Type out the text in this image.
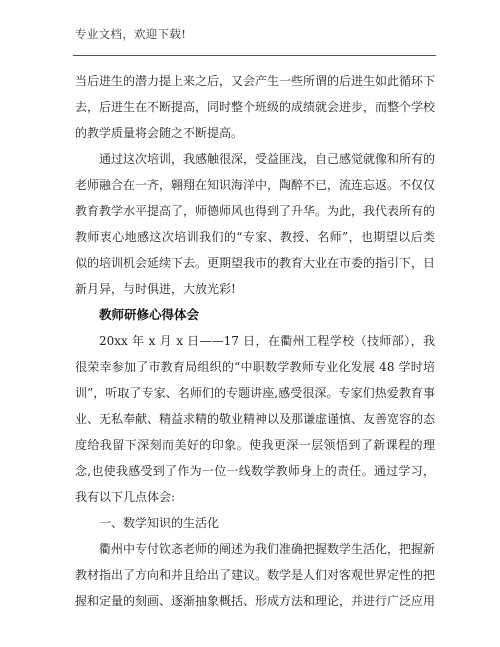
专业文档，欢迎下载!

当后进生的潜力提上来之后，又会产生一些所谓的后进生如此循环下去，后进生在不断提高，同时整个班级的成绩就会进步，而整个学校的教学质量将会随之不断提高。

通过这次培训，我感触很深，受益匪浅，自己感觉就像和所有的老师融合在一齐，翱翔在知识海洋中，陶醉不已，流连忘返。不仅仅教育教学水平提高了，师德师风也得到了升华。为此，我代表所有的教师衷心地感这次培训我们的“专家、教授、名师”，也期望以后类似的培训机会延续下去。更期望我市的教育大业在市委的指引下，日新月异，与时俱进，大放光彩!

教师研修心得体会

20xx 年 x 月 x 日——17 日，在衢州工程学校（技师部），我很荣幸参加了市教育局组织的“中职数学教师专业化发展 48 学时培训”，听取了专家、名师们的专题讲座,感受很深。专家们热爱教育事业、无私奉献、精益求精的敬业精神以及那谦虚谨慎、友善宽容的态度给我留下深刻而美好的印象。使我更深一层领悟到了新课程的理念,也使我感受到了作为一位一线数学教师身上的责任。通过学习，我有以下几点体会:

一、数学知识的生活化

衢州中专付钦忞老师的阐述为我们准确把握数学生活化，把握新教材指出了方向和并且给出了建议。数学是人们对客观世界定性的把握和定量的刻画、逐渐抽象概括、形成方法和理论，并进行广泛应用
